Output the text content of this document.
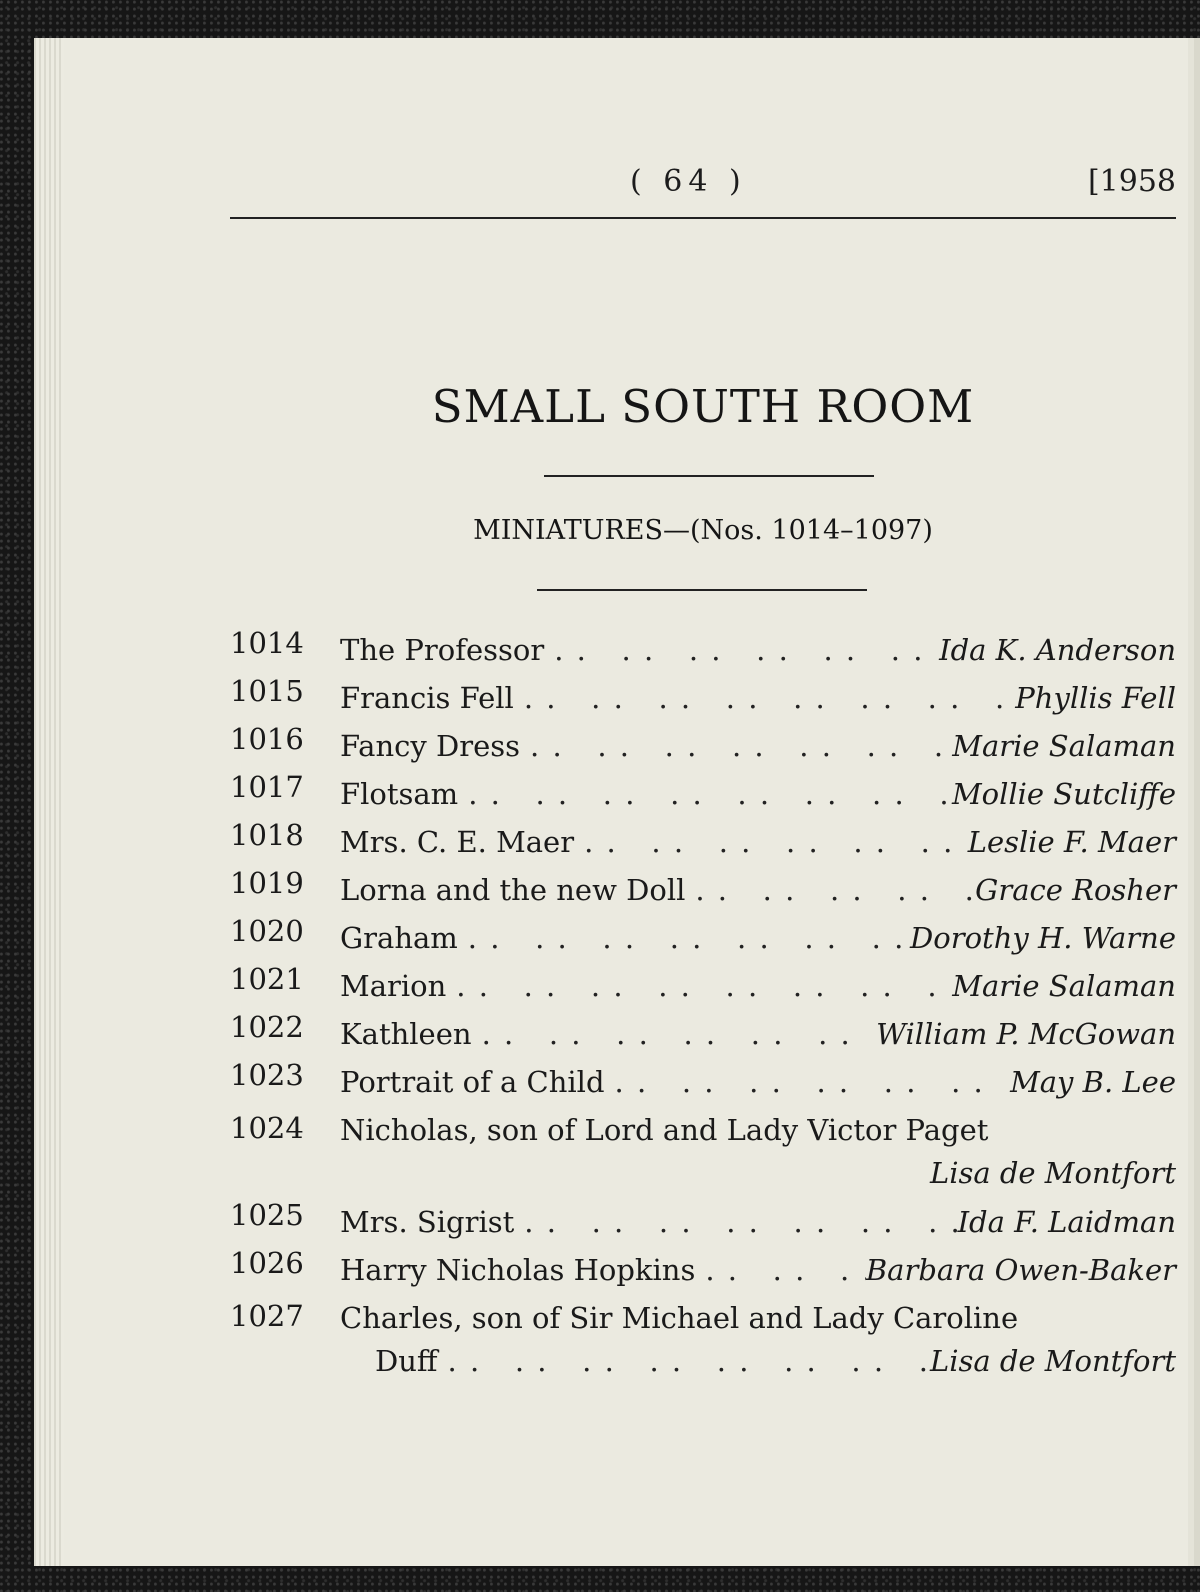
( 64 )	[1958
SMALL SOUTH ROOM
MINIATURES—(Nos. 1014–1097)
1014	The Professor . .	Ida K. Anderson
1015	Francis Fell . .	Phyllis Fell
1016	Fancy Dress . .	Marie Salaman
1017	Flotsam . .	Mollie Sutcliffe
1018	Mrs. C. E. Maer . .	Leslie F. Maer
1019	Lorna and the new Doll . .	Grace Rosher
1020	Graham . .	Dorothy H. Warne
1021	Marion . .	Marie Salaman
1022	Kathleen . .	William P. McGowan
1023	Portrait of a Child . .	May B. Lee
1024	Nicholas, son of Lord and Lady Victor Paget
Lisa de Montfort
1025	Mrs. Sigrist . .	Ida F. Laidman
1026	Harry Nicholas Hopkins . .	Barbara Owen-Baker
1027	Charles, son of Sir Michael and Lady Caroline
Duff . .	Lisa de Montfort
